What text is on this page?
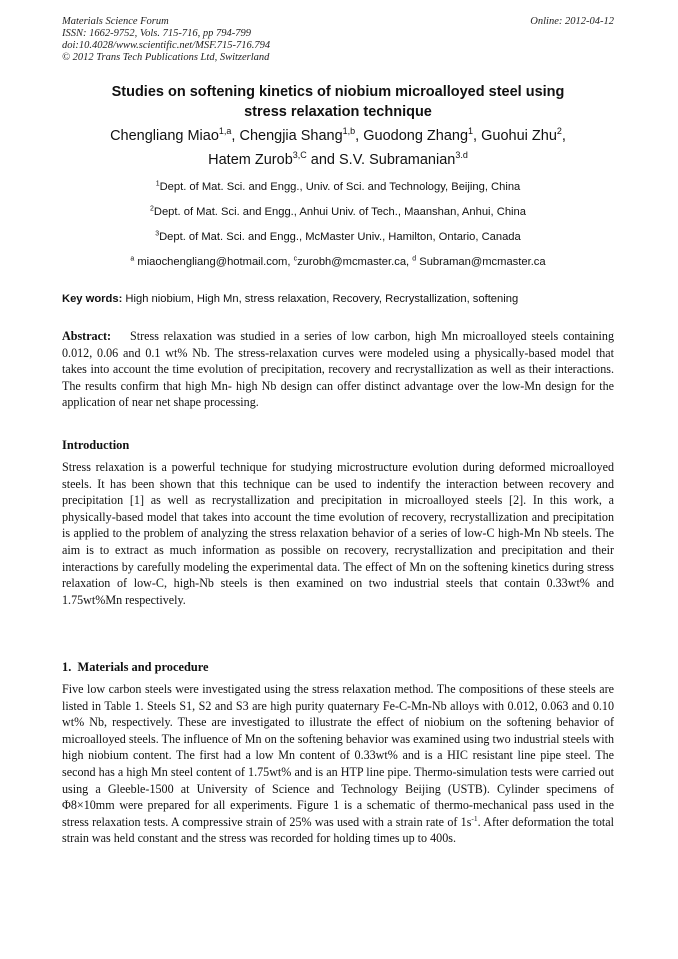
Materials Science Forum
ISSN: 1662-9752, Vols. 715-716, pp 794-799
doi:10.4028/www.scientific.net/MSF.715-716.794
© 2012 Trans Tech Publications Ltd, Switzerland
Online: 2012-04-12
Studies on softening kinetics of niobium microalloyed steel using
stress relaxation technique
Chengliang Miao$^{1,a}$, Chengjia Shang$^{1,b}$, Guodong Zhang$^1$, Guohui Zhu$^2$,
Hatem Zurob$^{3,C}$ and S.V. Subramanian$^{3.d}$
$^1$Dept. of Mat. Sci. and Engg., Univ. of Sci. and Technology, Beijing, China
$^2$Dept. of Mat. Sci. and Engg., Anhui Univ. of Tech., Maanshan, Anhui, China
$^3$Dept. of Mat. Sci. and Engg., McMaster Univ., Hamilton, Ontario, Canada
$^a$ miaochengliang@hotmail.com, $^c$zurobh@mcmaster.ca, $^d$ Subraman@mcmaster.ca
Key words: High niobium, High Mn, stress relaxation, Recovery, Recrystallization, softening
Abstract: Stress relaxation was studied in a series of low carbon, high Mn microalloyed steels containing 0.012, 0.06 and 0.1 wt% Nb. The stress-relaxation curves were modeled using a physically-based model that takes into account the time evolution of precipitation, recovery and recrystallization as well as their interactions. The results confirm that high Mn- high Nb design can offer distinct advantage over the low-Mn design for the application of near net shape processing.
Introduction
Stress relaxation is a powerful technique for studying microstructure evolution during deformed microalloyed steels. It has been shown that this technique can be used to indentify the interaction between recovery and precipitation [1] as well as recrystallization and precipitation in microalloyed steels [2]. In this work, a physically-based model that takes into account the time evolution of recovery, recrystallization and precipitation is applied to the problem of analyzing the stress relaxation behavior of a series of low-C high-Mn Nb steels. The aim is to extract as much information as possible on recovery, recrystallization and precipitation and their interactions by carefully modeling the experimental data. The effect of Mn on the softening kinetics during stress relaxation of low-C, high-Nb steels is then examined on two industrial steels that contain 0.33wt% and 1.75wt%Mn respectively.
1. Materials and procedure
Five low carbon steels were investigated using the stress relaxation method. The compositions of these steels are listed in Table 1. Steels S1, S2 and S3 are high purity quaternary Fe-C-Mn-Nb alloys with 0.012, 0.063 and 0.10 wt% Nb, respectively. These are investigated to illustrate the effect of niobium on the softening behavior of microalloyed steels. The influence of Mn on the softening behavior was examined using two industrial steels with high niobium content. The first had a low Mn content of 0.33wt% and is a HIC resistant line pipe steel. The second has a high Mn steel content of 1.75wt% and is an HTP line pipe. Thermo-simulation tests were carried out using a Gleeble-1500 at University of Science and Technology Beijing (USTB). Cylinder specimens of Φ8×10mm were prepared for all experiments. Figure 1 is a schematic of thermo-mechanical pass used in the stress relaxation tests. A compressive strain of 25% was used with a strain rate of $1s^{-1}$. After deformation the total strain was held constant and the stress was recorded for holding times up to 400s.
